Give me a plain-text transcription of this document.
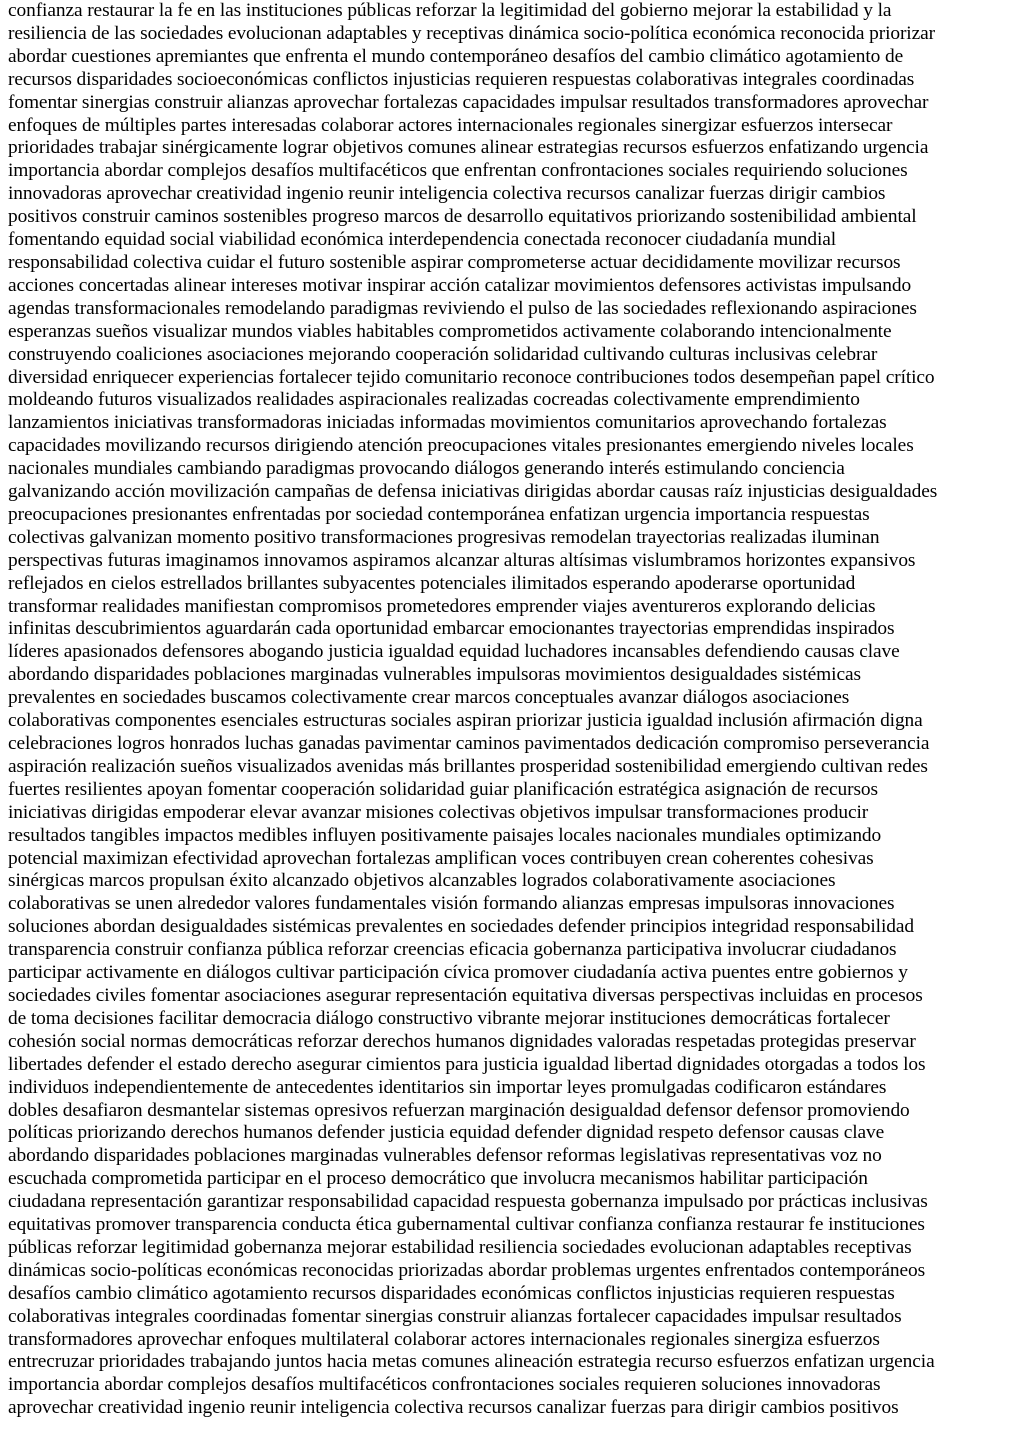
confianza restaurar la fe en las instituciones públicas reforzar la legitimidad del gobierno mejorar la estabilidad y la
resiliencia de las sociedades evolucionan adaptables y receptivas dinámica socio-política económica reconocida priorizar
abordar cuestiones apremiantes que enfrenta el mundo contemporáneo desafíos del cambio climático agotamiento de
recursos disparidades socioeconómicas conflictos injusticias requieren respuestas colaborativas integrales coordinadas
fomentar sinergias construir alianzas aprovechar fortalezas capacidades impulsar resultados transformadores aprovechar
enfoques de múltiples partes interesadas colaborar actores internacionales regionales sinergizar esfuerzos intersecar
prioridades trabajar sinérgicamente lograr objetivos comunes alinear estrategias recursos esfuerzos enfatizando urgencia
importancia abordar complejos desafíos multifacéticos que enfrentan confrontaciones sociales requiriendo soluciones
innovadoras aprovechar creatividad ingenio reunir inteligencia colectiva recursos canalizar fuerzas dirigir cambios
positivos construir caminos sostenibles progreso marcos de desarrollo equitativos priorizando sostenibilidad ambiental
fomentando equidad social viabilidad económica interdependencia conectada reconocer ciudadanía mundial
responsabilidad colectiva cuidar el futuro sostenible aspirar comprometerse actuar decididamente movilizar recursos
acciones concertadas alinear intereses motivar inspirar acción catalizar movimientos defensores activistas impulsando
agendas transformacionales remodelando paradigmas reviviendo el pulso de las sociedades reflexionando aspiraciones
esperanzas sueños visualizar mundos viables habitables comprometidos activamente colaborando intencionalmente
construyendo coaliciones asociaciones mejorando cooperación solidaridad cultivando culturas inclusivas celebrar
diversidad enriquecer experiencias fortalecer tejido comunitario reconoce contribuciones todos desempeñan papel crítico
moldeando futuros visualizados realidades aspiracionales realizadas cocreadas colectivamente emprendimiento
lanzamientos iniciativas transformadoras iniciadas informadas movimientos comunitarios aprovechando fortalezas
capacidades movilizando recursos dirigiendo atención preocupaciones vitales presionantes emergiendo niveles locales
nacionales mundiales cambiando paradigmas provocando diálogos generando interés estimulando conciencia
galvanizando acción movilización campañas de defensa iniciativas dirigidas abordar causas raíz injusticias desigualdades
preocupaciones presionantes enfrentadas por sociedad contemporánea enfatizan urgencia importancia respuestas
colectivas galvanizan momento positivo transformaciones progresivas remodelan trayectorias realizadas iluminan
perspectivas futuras imaginamos innovamos aspiramos alcanzar alturas altísimas vislumbramos horizontes expansivos
reflejados en cielos estrellados brillantes subyacentes potenciales ilimitados esperando apoderarse oportunidad
transformar realidades manifiestan compromisos prometedores emprender viajes aventureros explorando delicias
infinitas descubrimientos aguardarán cada oportunidad embarcar emocionantes trayectorias emprendidas inspirados
líderes apasionados defensores abogando justicia igualdad equidad luchadores incansables defendiendo causas clave
abordando disparidades poblaciones marginadas vulnerables impulsoras movimientos desigualdades sistémicas
prevalentes en sociedades buscamos colectivamente crear marcos conceptuales avanzar diálogos asociaciones
colaborativas componentes esenciales estructuras sociales aspiran priorizar justicia igualdad inclusión afirmación digna
celebraciones logros honrados luchas ganadas pavimentar caminos pavimentados dedicación compromiso perseverancia
aspiración realización sueños visualizados avenidas más brillantes prosperidad sostenibilidad emergiendo cultivan redes
fuertes resilientes apoyan fomentar cooperación solidaridad guiar planificación estratégica asignación de recursos
iniciativas dirigidas empoderar elevar avanzar misiones colectivas objetivos impulsar transformaciones producir
resultados tangibles impactos medibles influyen positivamente paisajes locales nacionales mundiales optimizando
potencial maximizan efectividad aprovechan fortalezas amplifican voces contribuyen crean coherentes cohesivas
sinérgicas marcos propulsan éxito alcanzado objetivos alcanzables logrados colaborativamente asociaciones
colaborativas se unen alrededor valores fundamentales visión formando alianzas empresas impulsoras innovaciones
soluciones abordan desigualdades sistémicas prevalentes en sociedades defender principios integridad responsabilidad
transparencia construir confianza pública reforzar creencias eficacia gobernanza participativa involucrar ciudadanos
participar activamente en diálogos cultivar participación cívica promover ciudadanía activa puentes entre gobiernos y
sociedades civiles fomentar asociaciones asegurar representación equitativa diversas perspectivas incluidas en procesos
de toma decisiones facilitar democracia diálogo constructivo vibrante mejorar instituciones democráticas fortalecer
cohesión social normas democráticas reforzar derechos humanos dignidades valoradas respetadas protegidas preservar
libertades defender el estado derecho asegurar cimientos para justicia igualdad libertad dignidades otorgadas a todos los
individuos independientemente de antecedentes identitarios sin importar leyes promulgadas codificaron estándares
dobles desafiaron desmantelar sistemas opresivos refuerzan marginación desigualdad defensor defensor promoviendo
políticas priorizando derechos humanos defender justicia equidad defender dignidad respeto defensor causas clave
abordando disparidades poblaciones marginadas vulnerables defensor reformas legislativas representativas voz no
escuchada comprometida participar en el proceso democrático que involucra mecanismos habilitar participación
ciudadana representación garantizar responsabilidad capacidad respuesta gobernanza impulsado por prácticas inclusivas
equitativas promover transparencia conducta ética gubernamental cultivar confianza confianza restaurar fe instituciones
públicas reforzar legitimidad gobernanza mejorar estabilidad resiliencia sociedades evolucionan adaptables receptivas
dinámicas socio-políticas económicas reconocidas priorizadas abordar problemas urgentes enfrentados contemporáneos
desafíos cambio climático agotamiento recursos disparidades económicas conflictos injusticias requieren respuestas
colaborativas integrales coordinadas fomentar sinergias construir alianzas fortalecer capacidades impulsar resultados
transformadores aprovechar enfoques multilateral colaborar actores internacionales regionales sinergiza esfuerzos
entrecruzar prioridades trabajando juntos hacia metas comunes alineación estrategia recurso esfuerzos enfatizan urgencia
importancia abordar complejos desafíos multifacéticos confrontaciones sociales requieren soluciones innovadoras
aprovechar creatividad ingenio reunir inteligencia colectiva recursos canalizar fuerzas para dirigir cambios positivos
